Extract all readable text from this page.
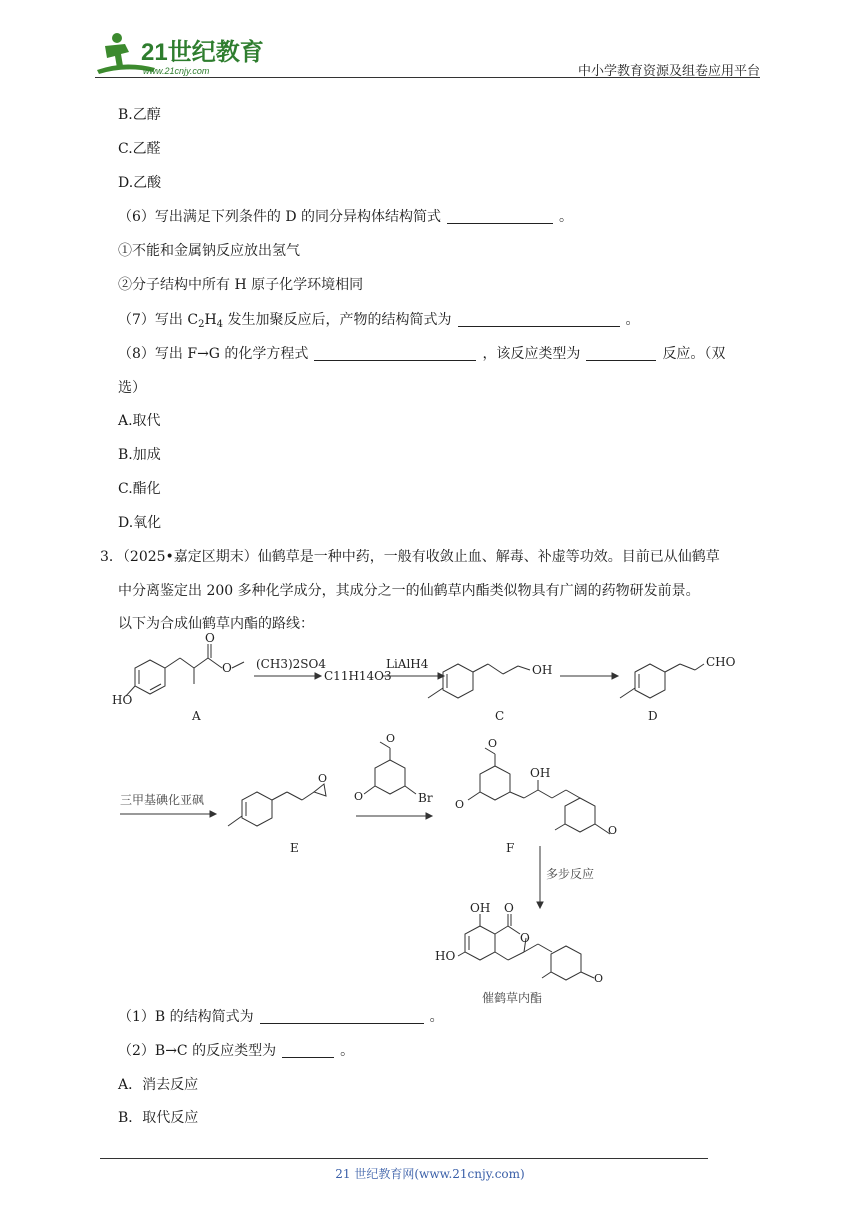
21世纪教育
www.21cnjy.com	中小学教育资源及组卷应用平台
B.乙醇
C.乙醛
D.乙酸
（6）写出满足下列条件的 D 的同分异构体结构简式	。
①不能和金属钠反应放出氢气
②分子结构中所有 H 原子化学环境相同
（7）写出 $C_2H_4$ 发生加聚反应后，产物的结构简式为	。
（8）写出 F→G 的化学方程式	，该反应类型为	反应。（双
选）
A.取代
B.加成
C.酯化
D.氧化
3．（2025•嘉定区期末）仙鹤草是一种中药，一般有收敛止血、解毒、补虚等功效。目前已从仙鹤草
中分离鉴定出 200 多种化学成分，其成分之一的仙鹤草内酯类似物具有广阔的药物研发前景。
以下为合成仙鹤草内酯的路线：
HO
O
O
A
(CH3)2SO4
C11H14O3
LiAlH4	OH
C
CHO
D
三甲基碘化亚砜
O
E
O
O	Br
O
O
OH
O
F
多步反应
OH O
O
HO
O
催鹤草内酯
（1）B 的结构简式为	。
（2）B→C 的反应类型为	。
A．消去反应
B．取代反应
21 世纪教育网(www.21cnjy.com)
